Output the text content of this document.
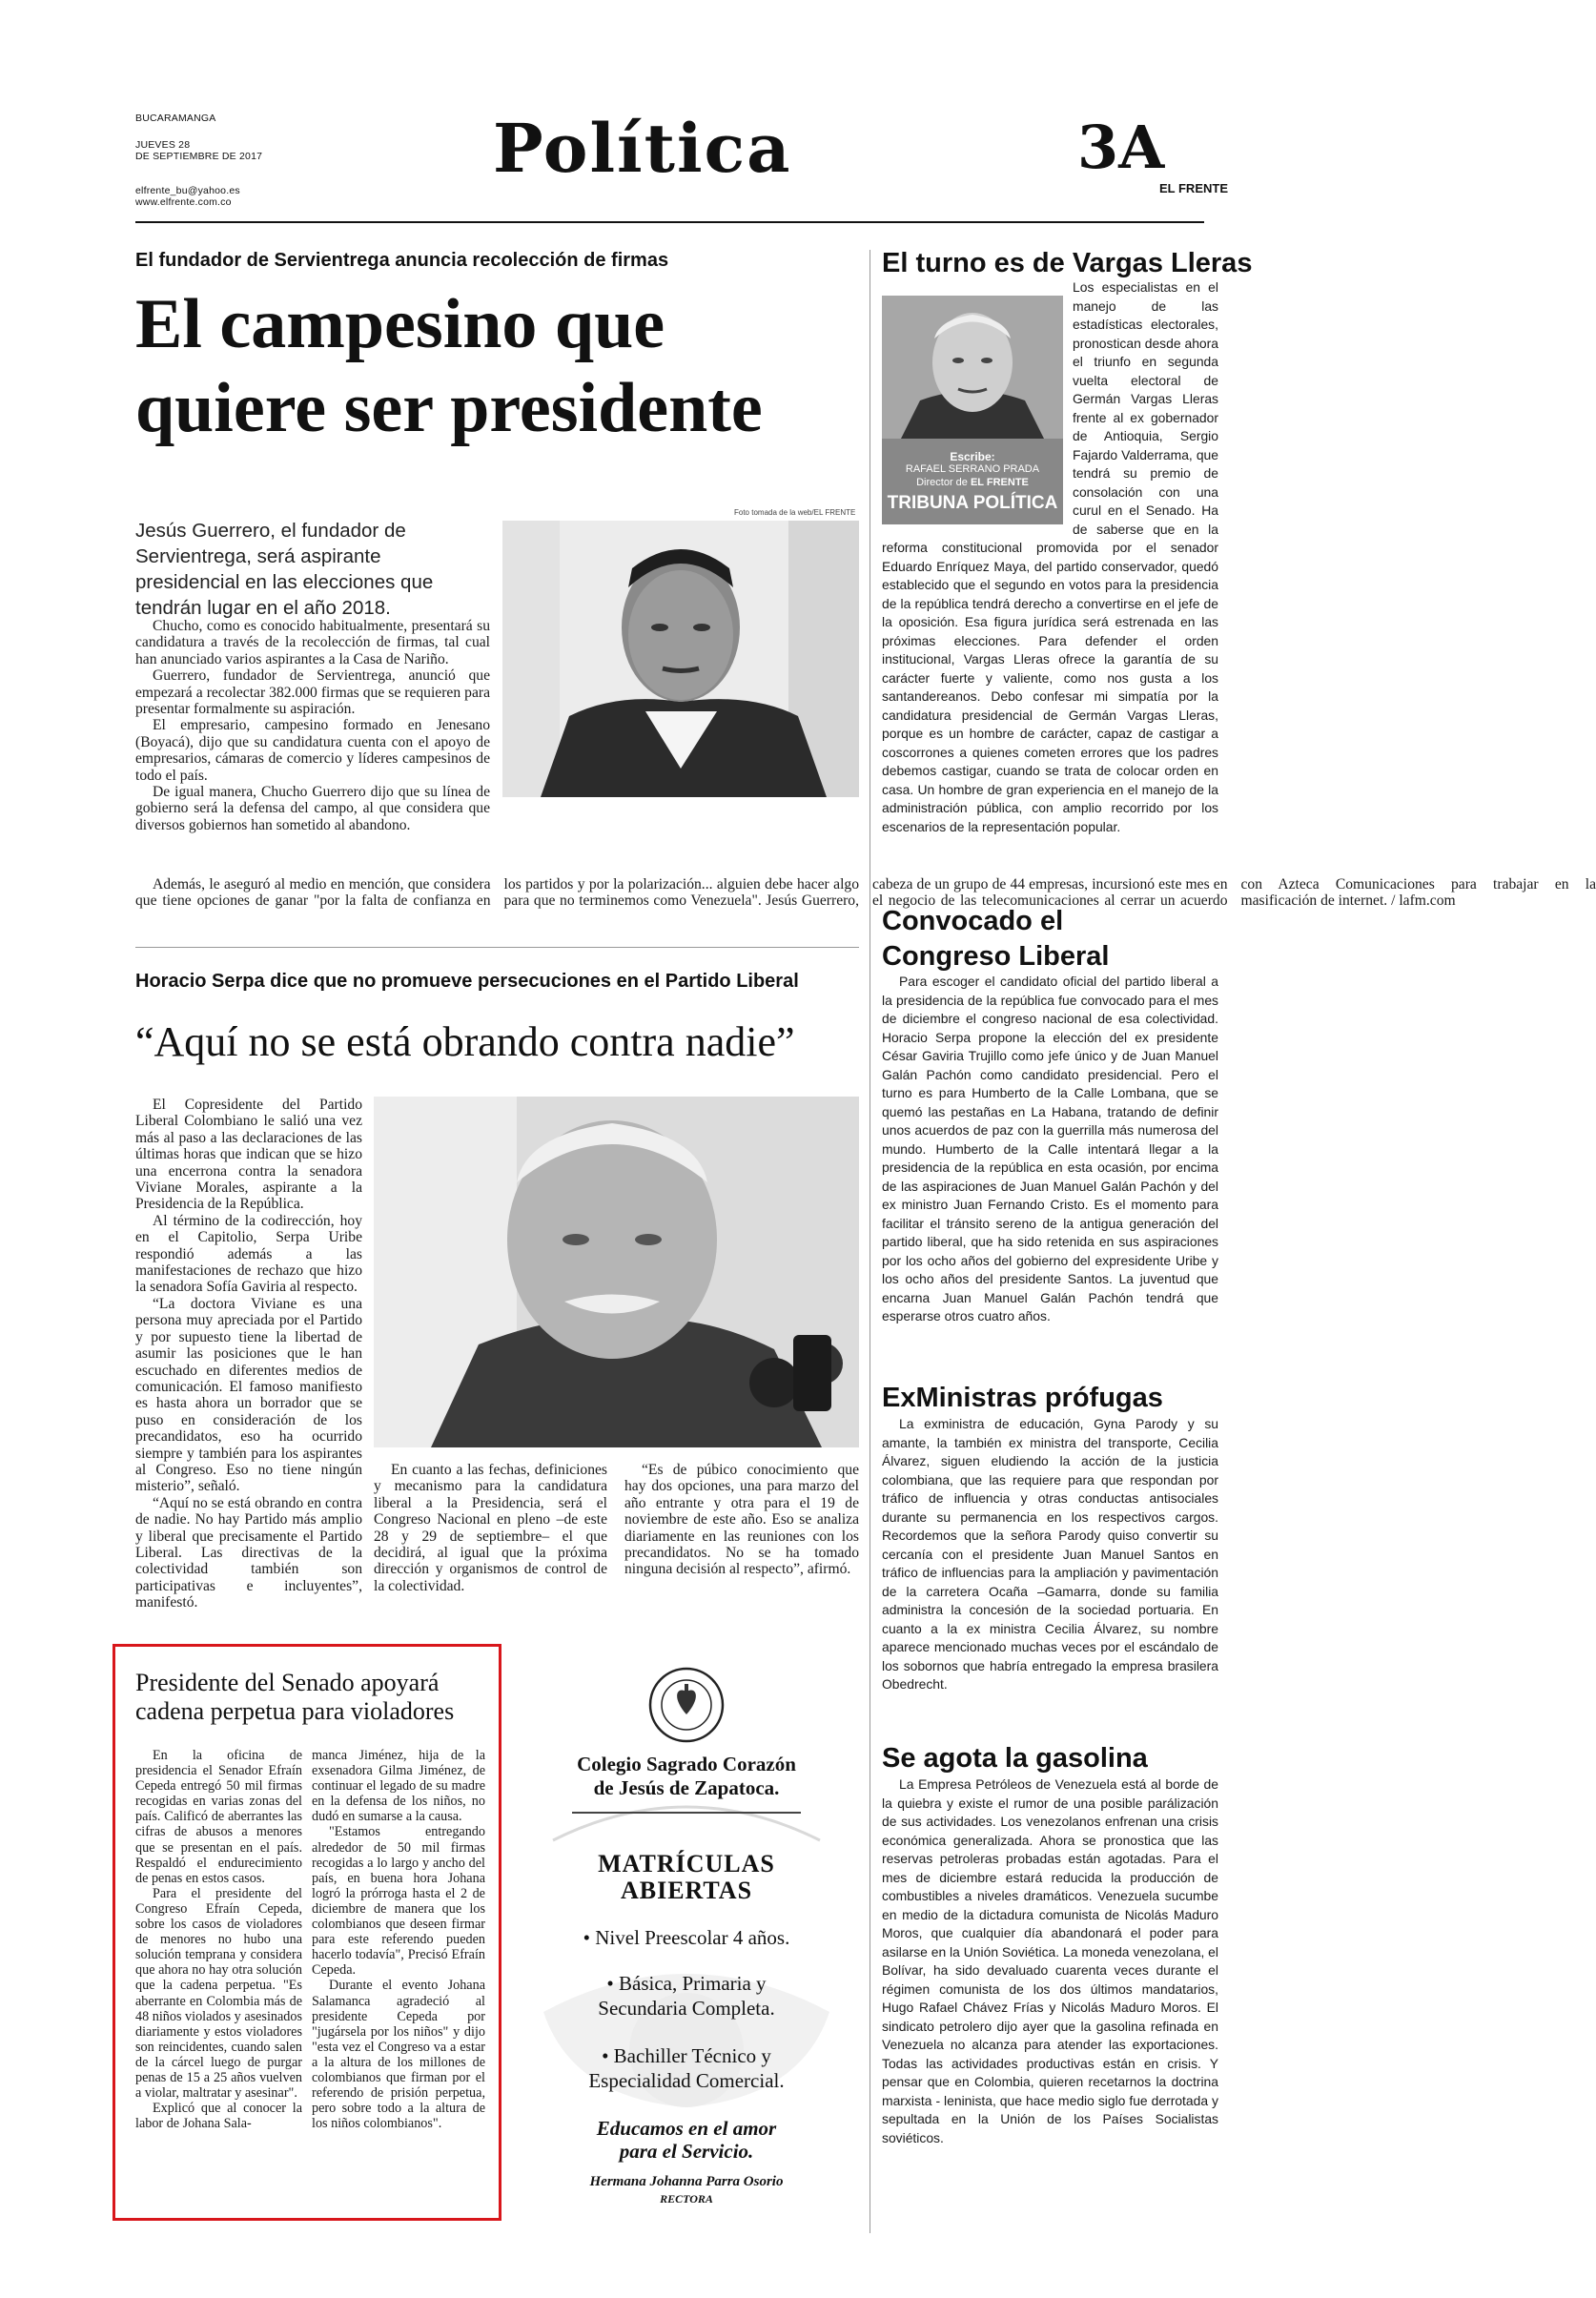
BUCARAMANGA
JUEVES 28
DE SEPTIEMBRE DE 2017
elfrente_bu@yahoo.es
www.elfrente.com.co
Política	3A
EL FRENTE
El fundador de Servientrega anuncia recolección de firmas
El campesino que
quiere ser presidente
Jesús Guerrero, el fundador de Servientrega, será aspirante presidencial en las elecciones que tendrán lugar en el año 2018.
Foto tomada de la web/EL FRENTE

Chucho, como es conocido habitualmente, presentará su candidatura a través de la recolección de firmas, tal cual han anunciado varios aspirantes a la Casa de Nariño.

Guerrero, fundador de Servientrega, anunció que empezará a recolectar 382.000 firmas que se requieren para presentar formalmente su aspiración.

El empresario, campesino formado en Jenesano (Boyacá), dijo que su candidatura cuenta con el apoyo de empresarios, cámaras de comercio y líderes campesinos de todo el país.

De igual manera, Chucho Guerrero dijo que su línea de gobierno será la defensa del campo, al que considera que diversos gobiernos han sometido al abandono.

Además, le aseguró al medio en mención, que considera que tiene opciones de ganar "por la falta de confianza en los partidos y por la polarización... alguien debe hacer algo para que no terminemos como Venezuela". Jesús Guerrero, cabeza de un grupo de 44 empresas, incursionó este mes en el negocio de las telecomunicaciones al cerrar un acuerdo con Azteca Comunicaciones para trabajar en la masificación de internet. / lafm.com

Horacio Serpa dice que no promueve persecuciones en el Partido Liberal
“Aquí no se está obrando contra nadie”

El Copresidente del Partido Liberal Colombiano le salió una vez más al paso a las declaraciones de las últimas horas que indican que se hizo una encerrona contra la senadora Viviane Morales, aspirante a la Presidencia de la República.

Al término de la codirección, hoy en el Capitolio, Serpa Uribe respondió además a las manifestaciones de rechazo que hizo la senadora Sofía Gaviria al respecto.

“La doctora Viviane es una persona muy apreciada por el Partido y por supuesto tiene la libertad de asumir las posiciones que le han escuchado en diferentes medios de comunicación. El famoso manifiesto es hasta ahora un borrador que se puso en consideración de los precandidatos, eso ha ocurrido siempre y también para los aspirantes al Congreso. Eso no tiene ningún misterio”, señaló.

“Aquí no se está obrando en contra de nadie. No hay Partido más amplio y liberal que precisamente el Partido Liberal. Las directivas de la colectividad también son participativas e incluyentes”, manifestó.

En cuanto a las fechas, definiciones y mecanismo para la candidatura liberal a la Presidencia, será el Congreso Nacional en pleno –de este 28 y 29 de septiembre– el que decidirá, al igual que la próxima dirección y organismos de control de la colectividad.

“Es de púbico conocimiento que hay dos opciones, una para marzo del año entrante y otra para el 19 de noviembre de este año. Eso se analiza diariamente en las reuniones con los precandidatos. No se ha tomado ninguna decisión al respecto”, afirmó.

Presidente del Senado apoyará
cadena perpetua para violadores

En la oficina de presidencia el Senador Efraín Cepeda entregó 50 mil firmas recogidas en varias zonas del país. Calificó de aberrantes las cifras de abusos a menores que se presentan en el país. Respaldó el endurecimiento de penas en estos casos.

Para el presidente del Congreso Efraín Cepeda, sobre los casos de violadores de menores no hubo una solución temprana y considera que ahora no hay otra solución que la cadena perpetua. "Es aberrante en Colombia más de 48 niños violados y asesinados diariamente y estos violadores son reincidentes, cuando salen de la cárcel luego de purgar penas de 15 a 25 años vuelven a violar, maltratar y asesinar".

Explicó que al conocer la labor de Johana Sala-

manca Jiménez, hija de la exsenadora Gilma Jiménez, de continuar el legado de su madre en la defensa de los niños, no dudó en sumarse a la causa.

"Estamos entregando alrededor de 50 mil firmas recogidas a lo largo y ancho del país, en buena hora Johana logró la prórroga hasta el 2 de diciembre de manera que los colombianos que deseen firmar para este referendo pueden hacerlo todavía", Precisó Efraín Cepeda.

Durante el evento Johana Salamanca agradeció al presidente Cepeda por "jugársela por los niños" y dijo "esta vez el Congreso va a estar a la altura de los millones de colombianos que firman por el referendo de prisión perpetua, pero sobre todo a la altura de los niños colombianos".

Colegio Sagrado Corazón
de Jesús de Zapatoca.
MATRÍCULAS
ABIERTAS
• Nivel Preescolar 4 años.
• Básica, Primaria y
Secundaria Completa.
• Bachiller Técnico y
Especialidad Comercial.
Educamos en el amor
para el Servicio.
Hermana Johanna Parra Osorio
RECTORA
El turno es de Vargas Lleras
Escribe:
RAFAEL SERRANO PRADA
Director de EL FRENTE
TRIBUNA POLÍTICA

Los especialistas en el manejo de las estadísticas electorales, pronostican desde ahora el triunfo en segunda vuelta electoral de Germán Vargas Lleras frente al ex gobernador de Antioquia, Sergio Fajardo Valderrama, que tendrá su premio de consolación con una curul en el Senado. Ha de saberse que en la reforma constitucional promovida por el senador Eduardo Enríquez Maya, del partido conservador, quedó establecido que el segundo en votos para la presidencia de la república tendrá derecho a convertirse en el jefe de la oposición. Esa figura jurídica será estrenada en las próximas elecciones. Para defender el orden institucional, Vargas Lleras ofrece la garantía de su carácter fuerte y valiente, como nos gusta a los santandereanos. Debo confesar mi simpatía por la candidatura presidencial de Germán Vargas Lleras, porque es un hombre de carácter, capaz de castigar a coscorrones a quienes cometen errores que los padres debemos castigar, cuando se trata de colocar orden en casa. Un hombre de gran experiencia en el manejo de la administración pública, con amplio recorrido por los escenarios de la representación popular.

Convocado el
Congreso Liberal

Para escoger el candidato oficial del partido liberal a la presidencia de la república fue convocado para el mes de diciembre el congreso nacional de esa colectividad. Horacio Serpa propone la elección del ex presidente César Gaviria Trujillo como jefe único y de Juan Manuel Galán Pachón como candidato presidencial. Pero el turno es para Humberto de la Calle Lombana, que se quemó las pestañas en La Habana, tratando de definir unos acuerdos de paz con la guerrilla más numerosa del mundo. Humberto de la Calle intentará llegar a la presidencia de la república en esta ocasión, por encima de las aspiraciones de Juan Manuel Galán Pachón y del ex ministro Juan Fernando Cristo. Es el momento para facilitar el tránsito sereno de la antigua generación del partido liberal, que ha sido retenida en sus aspiraciones por los ocho años del gobierno del expresidente Uribe y los ocho años del presidente Santos. La juventud que encarna Juan Manuel Galán Pachón tendrá que esperarse otros cuatro años.

ExMinistras prófugas

La exministra de educación, Gyna Parody y su amante, la también ex ministra del transporte, Cecilia Álvarez, siguen eludiendo la acción de la justicia colombiana, que las requiere para que respondan por tráfico de influencia y otras conductas antisociales durante su permanencia en los respectivos cargos. Recordemos que la señora Parody quiso convertir su cercanía con el presidente Juan Manuel Santos en tráfico de influencias para la ampliación y pavimentación de la carretera Ocaña –Gamarra, donde su familia administra la concesión de la sociedad portuaria. En cuanto a la ex ministra Cecilia Álvarez, su nombre aparece mencionado muchas veces por el escándalo de los sobornos que habría entregado la empresa brasilera Obedrecht.

Se agota la gasolina

La Empresa Petróleos de Venezuela está al borde de la quiebra y existe el rumor de una posible parálización de sus actividades. Los venezolanos enfrenan una crisis económica generalizada. Ahora se pronostica que las reservas petroleras probadas están agotadas. Para el mes de diciembre estará reducida la producción de combustibles a niveles dramáticos. Venezuela sucumbe en medio de la dictadura comunista de Nicolás Maduro Moros, que cualquier día abandonará el poder para asilarse en la Unión Soviética. La moneda venezolana, el Bolívar, ha sido devaluado cuarenta veces durante el régimen comunista de los dos últimos mandatarios, Hugo Rafael Chávez Frías y Nicolás Maduro Moros. El sindicato petrolero dijo ayer que la gasolina refinada en Venezuela no alcanza para atender las exportaciones. Todas las actividades productivas están en crisis. Y pensar que en Colombia, quieren recetarnos la doctrina marxista - leninista, que hace medio siglo fue derrotada y sepultada en la Unión de los Países Socialistas soviéticos.
